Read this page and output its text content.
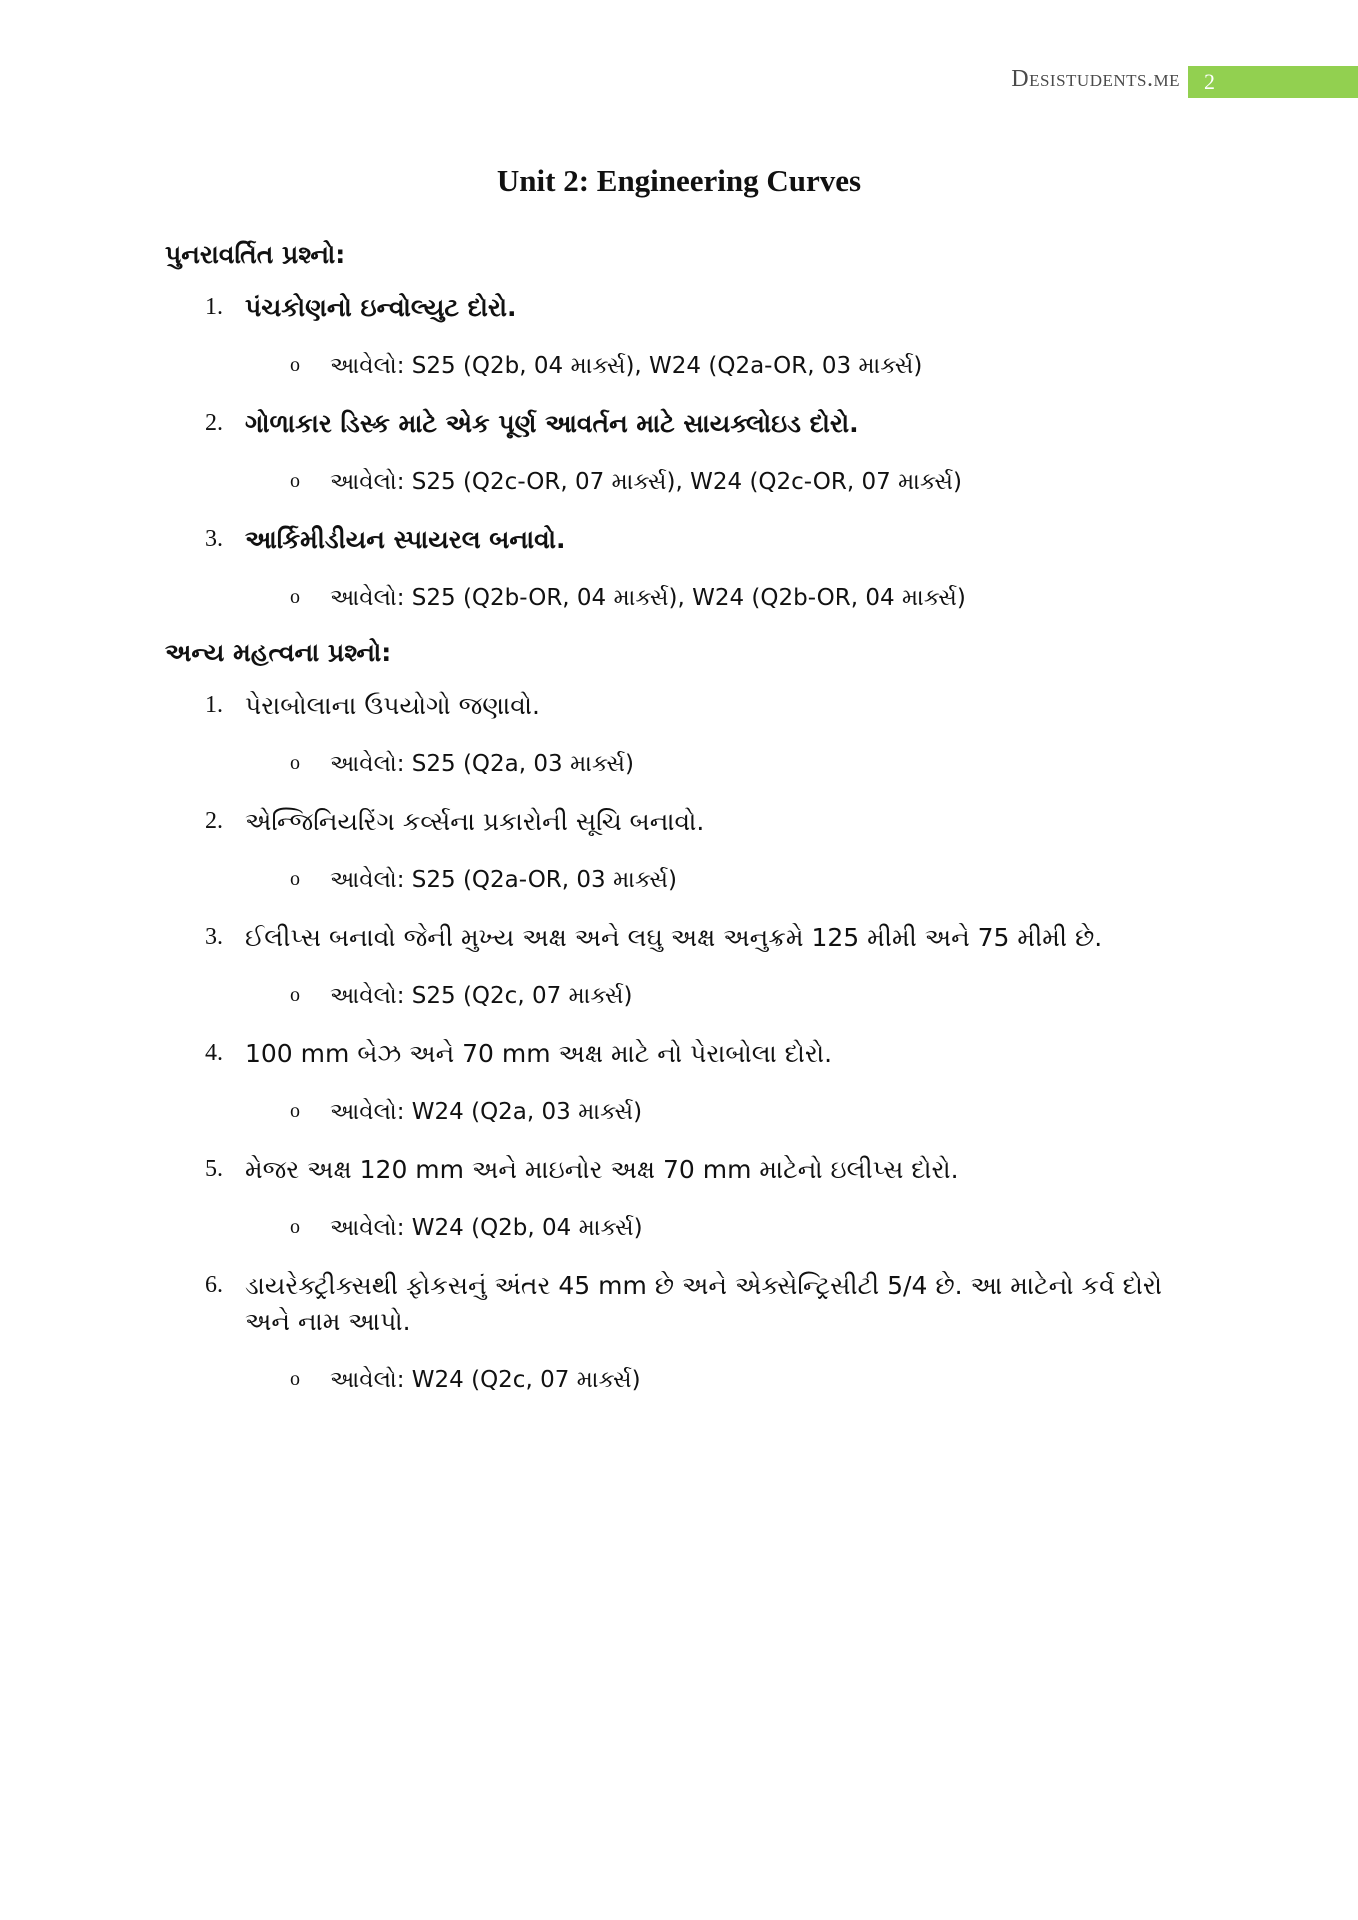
Desistudents.me	2
Unit 2: Engineering Curves
પુનરાવર્તિત પ્રશ્નો:
1. પંચકોણનો ઇન્વોલ્યુટ દોરો.
o	આવેલો: S25 (Q2b, 04 માર્ક્સ), W24 (Q2a-OR, 03 માર્ક્સ)
2. ગોળાકાર ડિસ્ક માટે એક પૂર્ણ આવર્તન માટે સાયક્લોઇડ દોરો.
o	આવેલો: S25 (Q2c-OR, 07 માર્ક્સ), W24 (Q2c-OR, 07 માર્ક્સ)
3. આર્કિમીડીયન સ્પાયરલ બનાવો.
o	આવેલો: S25 (Q2b-OR, 04 માર્ક્સ), W24 (Q2b-OR, 04 માર્ક્સ)
અન્ય મહત્વના પ્રશ્નો:
1. પેરાબોલાના ઉપયોગો જણાવો.
o	આવેલો: S25 (Q2a, 03 માર્ક્સ)
2. એન્જિનિયરિંગ કર્વ્સના પ્રકારોની સૂચિ બનાવો.
o	આવેલો: S25 (Q2a-OR, 03 માર્ક્સ)
3. ઈલીપ્સ બનાવો જેની મુખ્ય અક્ષ અને લઘુ અક્ષ અનુક્રમે 125 મીમી અને 75 મીમી છે.
o	આવેલો: S25 (Q2c, 07 માર્ક્સ)
4. 100 mm બેઝ અને 70 mm અક્ષ માટે નો પેરાબોલા દોરો.
o	આવેલો: W24 (Q2a, 03 માર્ક્સ)
5. મેજર અક્ષ 120 mm અને માઇનોર અક્ષ 70 mm માટેનો ઇલીપ્સ દોરો.
o	આવેલો: W24 (Q2b, 04 માર્ક્સ)
6. ડાયરેક્ટ્રીક્સથી ફોકસનું અંતર 45 mm છે અને એક્સેન્ટ્રિસીટી 5/4 છે. આ માટેનો કર્વ દોરો અને નામ આપો.
o	આવેલો: W24 (Q2c, 07 માર્ક્સ)
